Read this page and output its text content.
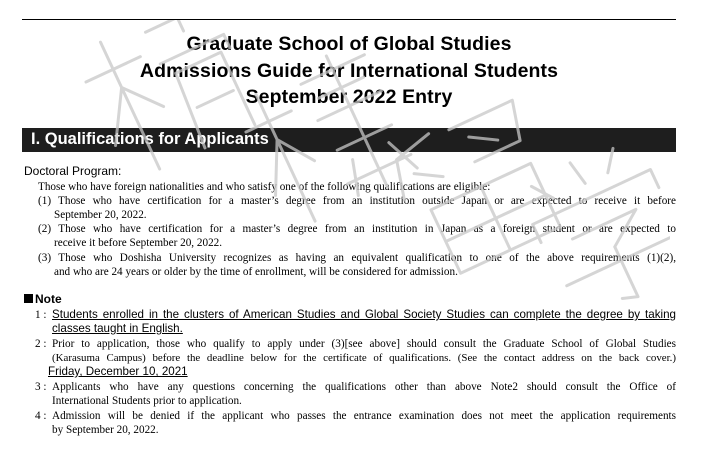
Graduate School of Global Studies
Admissions Guide for International Students
September 2022 Entry
I. Qualifications for Applicants
Doctoral Program:
Those who have foreign nationalities and who satisfy one of the following qualifications are eligible:
(1) Those who have certification for a master’s degree from an institution outside Japan or are expected to receive it before
September 20, 2022.
(2) Those who have certification for a master’s degree from an institution in Japan as a foreign student or are expected to
receive it before September 20, 2022.
(3) Those who Doshisha University recognizes as having an equivalent qualification to one of the above requirements (1)(2),
and who are 24 years or older by the time of enrollment, will be considered for admission.
Note
1 : Students enrolled in the clusters of American Studies and Global Society Studies can complete the degree by taking
classes taught in English.
2 : Prior to application, those who qualify to apply under (3)[see above] should consult the Graduate School of Global Studies
(Karasuma Campus) before the deadline below for the certificate of qualifications. (See the contact address on the back cover.)
Friday, December 10, 2021
3 : Applicants who have any questions concerning the qualifications other than above Note2 should consult the Office of
International Students prior to application.
4 : Admission will be denied if the applicant who passes the entrance examination does not meet the application requirements
by September 20, 2022.
